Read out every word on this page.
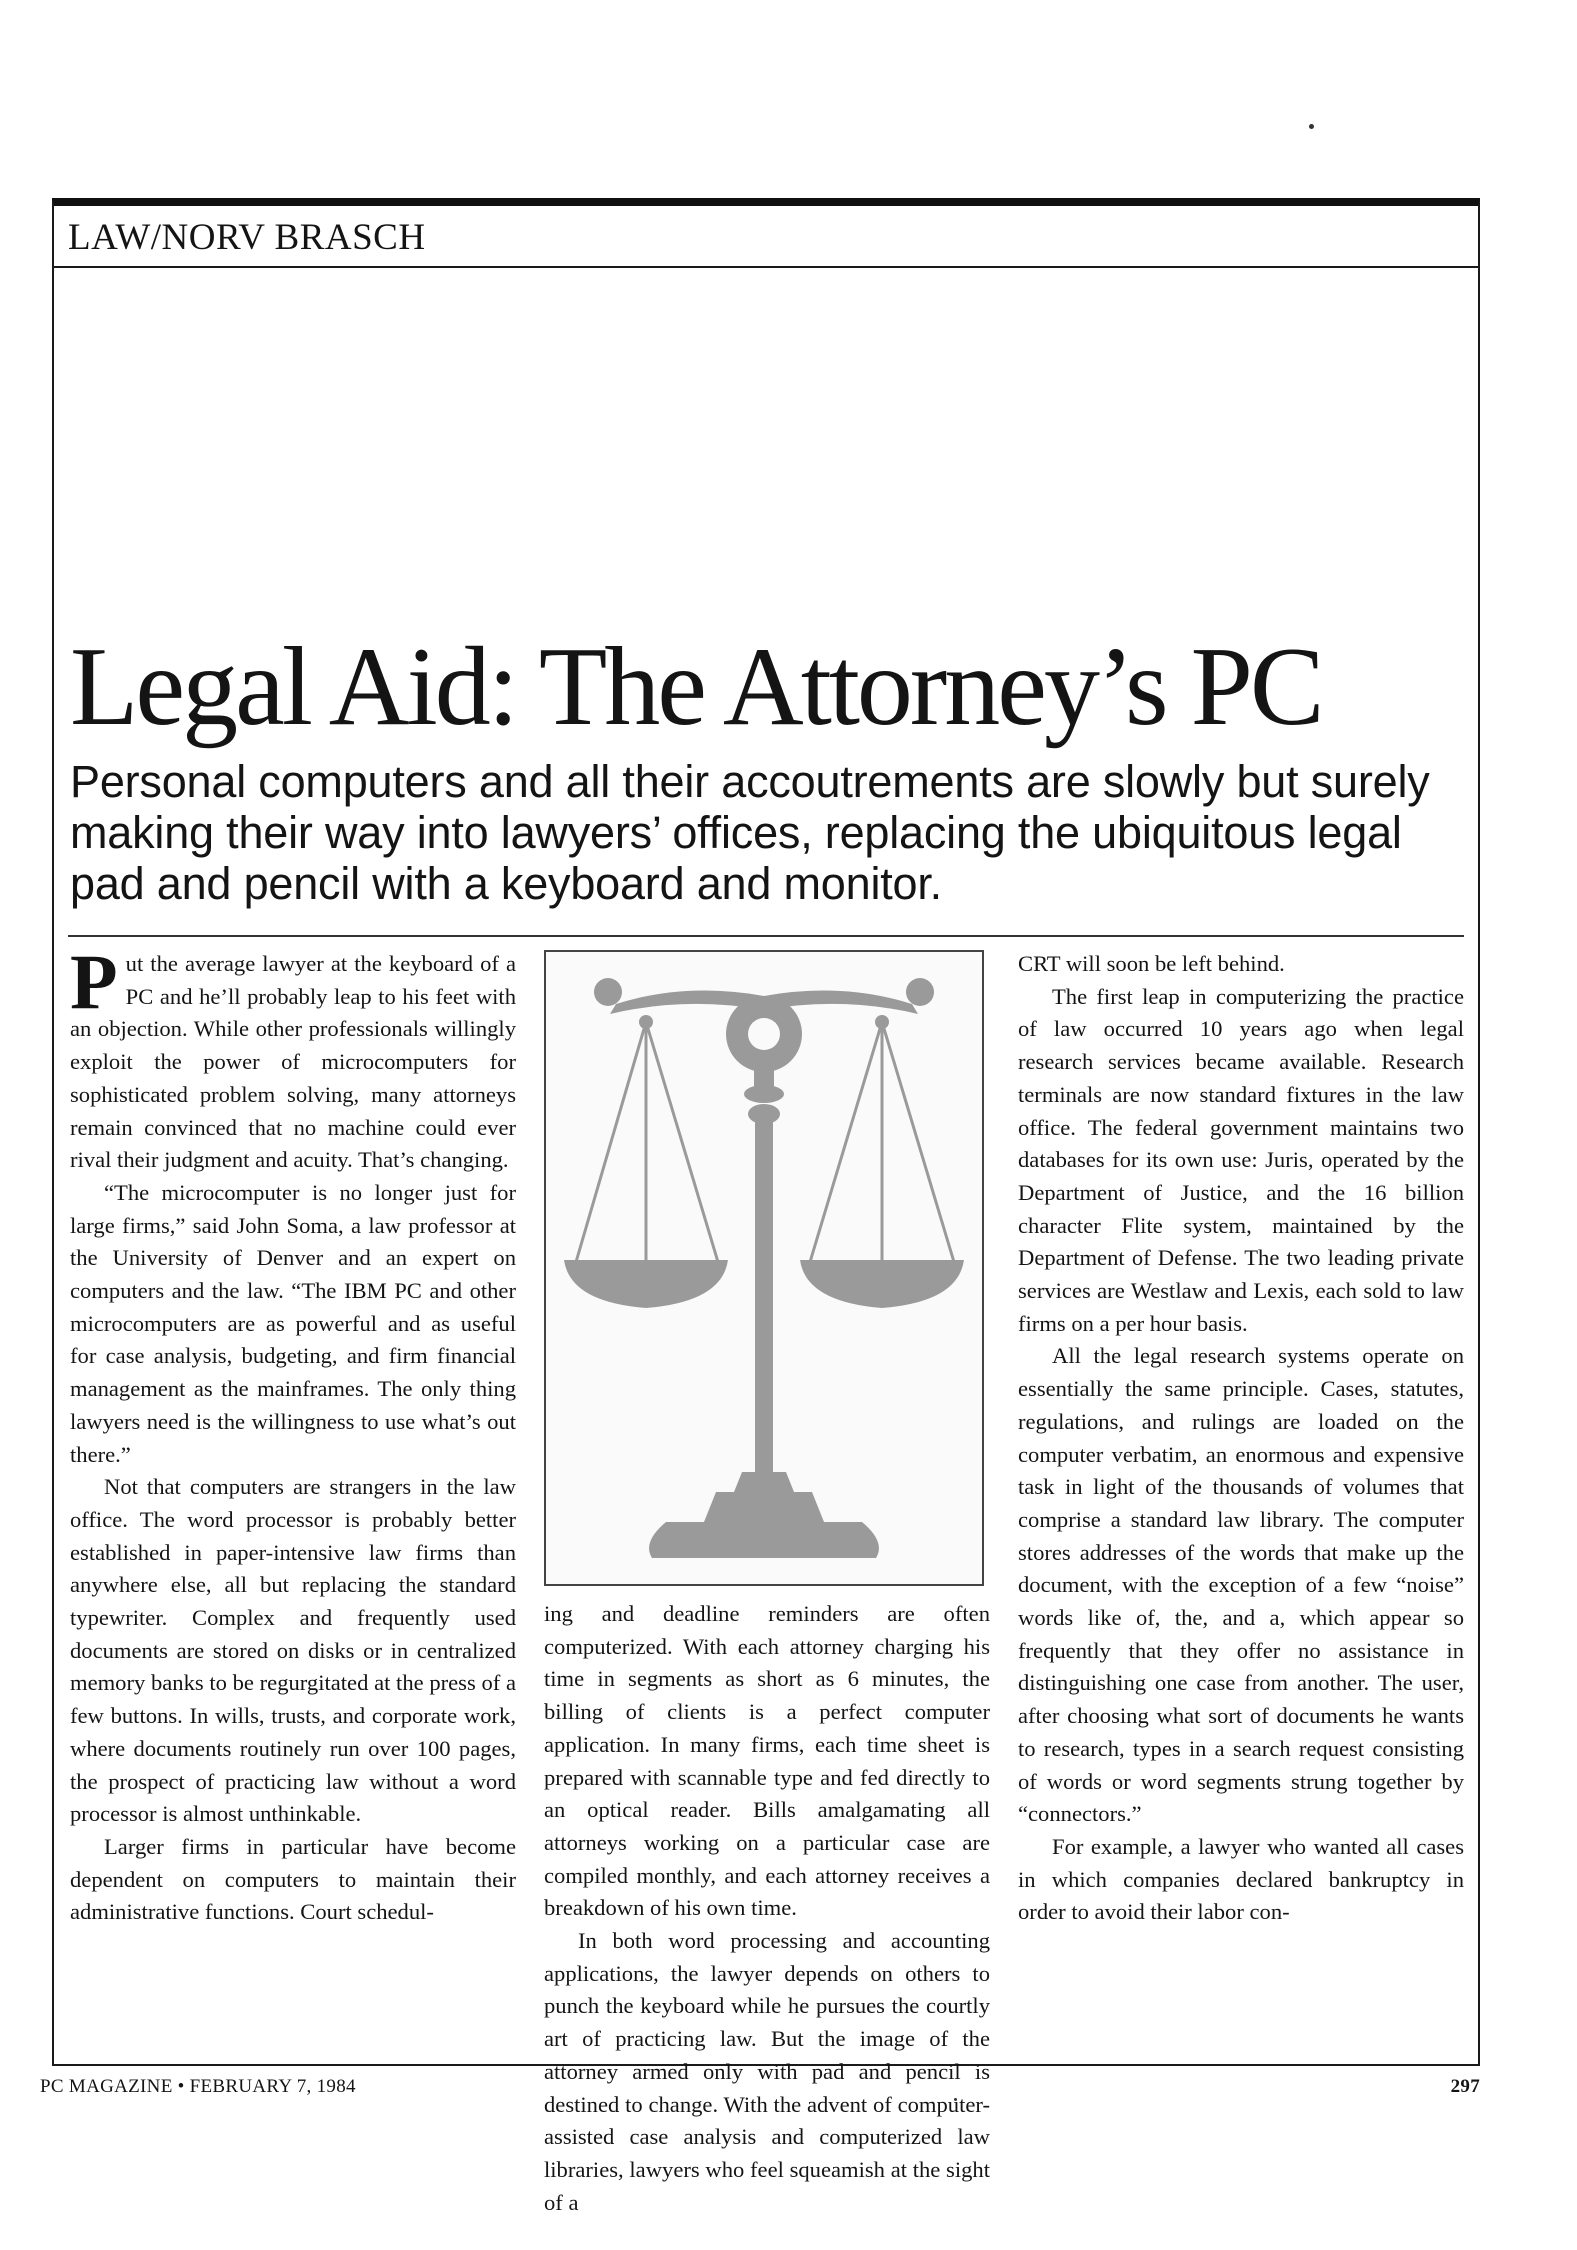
LAW/NORV BRASCH
Legal Aid: The Attorney’s PC
Personal computers and all their accoutrements are slowly but surely making their way into lawyers’ offices, replacing the ubiquitous legal pad and pencil with a keyboard and monitor.

Put the average lawyer at the keyboard of a PC and he’ll probably leap to his feet with an objection. While other professionals willingly exploit the power of microcomputers for sophisticated problem solving, many attorneys remain convinced that no machine could ever rival their judgment and acuity. That’s changing.

“The microcomputer is no longer just for large firms,” said John Soma, a law professor at the University of Denver and an expert on computers and the law. “The IBM PC and other microcomputers are as powerful and as useful for case analysis, budgeting, and firm financial management as the mainframes. The only thing lawyers need is the willingness to use what’s out there.”

Not that computers are strangers in the law office. The word processor is probably better established in paper-intensive law firms than anywhere else, all but replacing the standard typewriter. Complex and frequently used documents are stored on disks or in centralized memory banks to be regurgitated at the press of a few buttons. In wills, trusts, and corporate work, where documents routinely run over 100 pages, the prospect of practicing law without a word processor is almost unthinkable.

Larger firms in particular have become dependent on computers to maintain their administrative functions. Court schedul-

ing and deadline reminders are often computerized. With each attorney charging his time in segments as short as 6 minutes, the billing of clients is a perfect computer application. In many firms, each time sheet is prepared with scannable type and fed directly to an optical reader. Bills amalgamating all attorneys working on a particular case are compiled monthly, and each attorney receives a breakdown of his own time.

In both word processing and accounting applications, the lawyer depends on others to punch the keyboard while he pursues the courtly art of practicing law. But the image of the attorney armed only with pad and pencil is destined to change. With the advent of computer-assisted case analysis and computerized law libraries, lawyers who feel squeamish at the sight of a

CRT will soon be left behind.

The first leap in computerizing the practice of law occurred 10 years ago when legal research services became available. Research terminals are now standard fixtures in the law office. The federal government maintains two databases for its own use: Juris, operated by the Department of Justice, and the 16 billion character Flite system, maintained by the Department of Defense. The two leading private services are Westlaw and Lexis, each sold to law firms on a per hour basis.

All the legal research systems operate on essentially the same principle. Cases, statutes, regulations, and rulings are loaded on the computer verbatim, an enormous and expensive task in light of the thousands of volumes that comprise a standard law library. The computer stores addresses of the words that make up the document, with the exception of a few “noise” words like of, the, and a, which appear so frequently that they offer no assistance in distinguishing one case from another. The user, after choosing what sort of documents he wants to research, types in a search request consisting of words or word segments strung together by “connectors.”

For example, a lawyer who wanted all cases in which companies declared bankruptcy in order to avoid their labor con-

PC MAGAZINE • FEBRUARY 7, 1984	297
